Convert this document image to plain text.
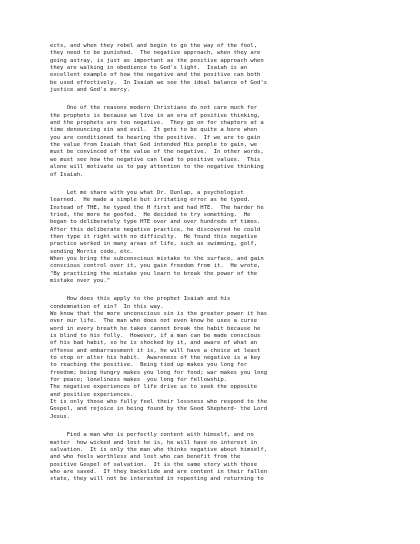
ects, and when they rebel and begin to go the way of the fool,
they need to be punished.  The negative approach, when they are
going astray, is just as important as the positive approach when
they are walking in obedience to God's light.  Isaiah is an
excellent example of how the negative and the positive can both
be used effectively.  In Isaiah we see the ideal balance of God's
justice and God's mercy.
One of the reasons modern Christians do not care much for
the prophets is because we live in an era of positive thinking,
and the prophets are too negative.  They go on for chapters at a
time denouncing sin and evil.  It gets to be quite a bore when
you are conditioned to hearing the positive.  If we are to gain
the value from Isaiah that God intended His people to gain, we
must be convinced of the value of the negative.  In other words,
we must see how the negative can lead to positive values.  This
alone will motivate us to pay attention to the negative thinking
of Isaiah.
Let me share with you what Dr. Dunlap, a psychologist
learned.  He made a simple but irritating error as he typed.
Instead of THE, he typed the H first and had HTE.  The harder he
tried, the more he goofed.  He decided to try something.  He
began to deliberately type HTE over and over hundreds of times.
After this deliberate negative practice, he discovered he could
then type it right with no difficulty.  He found this negative
practice worked in many areas of life, such as swimming, golf,
sending Morris code, etc.
When you bring the subconscious mistake to the surface, and gain
conscious control over it, you gain freedom from it.  He wrote,
"By practicing the mistake you learn to break the power of the
mistake over you."
How does this apply to the prophet Isaiah and his
condemnation of sin?  In this way.
We know that the more unconscious sin is the greater power it has
over our life.  The man who does not even know he uses a curse
word in every breath he takes cannot break the habit because he
is blind to his folly.  However, if a man can be made conscious
of his bad habit, so he is shocked by it, and aware of what an
offense and embarrassment it is, he will have a choice at least
to stop or alter his habit.  Awareness of the negative is a key
to reaching the positive.  Being tied up makes you long for
freedom; being hungry makes you long for food; war makes you long
for peace; loneliness makes  you long for fellowship.
The negative experiences of life drive us to seek the opposite
and positive experiences.
It is only those who fully feel their lossness who respond to the
Gospel, and rejoice in being found by the Good Shepherd- the Lord
Jesus.
Find a man who is perfectly content with himself, and no
matter  how wicked and lost he is, he will have no interest in
salvation.  It is only the man who thinks negative about himself,
and who feels worthless and lost who can benefit from the
positive Gospel of salvation.  It is the same story with those
who are saved.  If they backslide and are content in their fallen
state, they will not be interested in repenting and returning to
